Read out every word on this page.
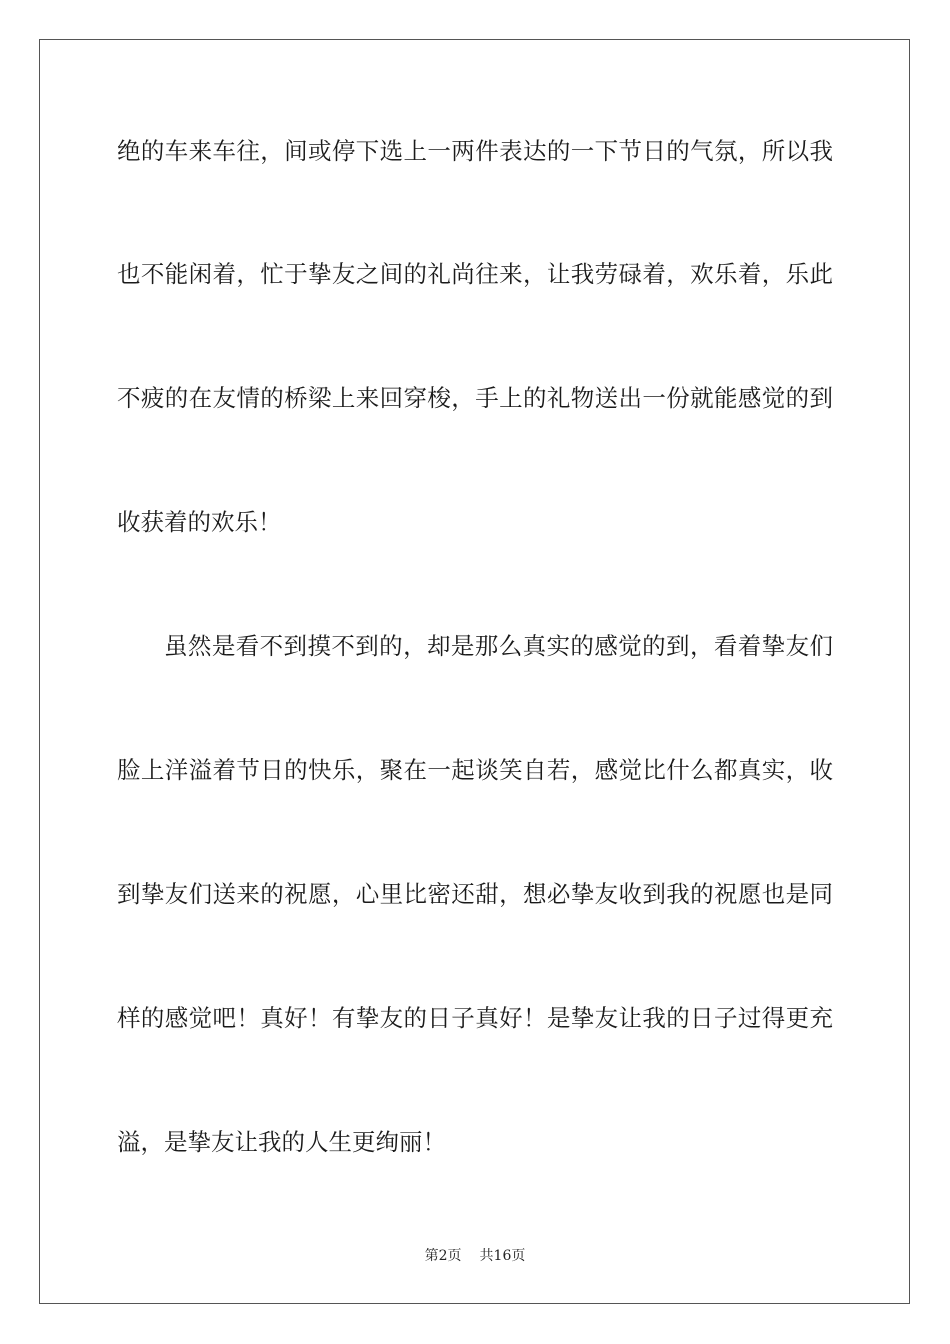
绝的车来车往，间或停下选上一两件表达的一下节日的气氛，所以我
也不能闲着，忙于挚友之间的礼尚往来，让我劳碌着，欢乐着，乐此
不疲的在友情的桥梁上来回穿梭，手上的礼物送出一份就能感觉的到
收获着的欢乐！
虽然是看不到摸不到的，却是那么真实的感觉的到，看着挚友们
脸上洋溢着节日的快乐，聚在一起谈笑自若，感觉比什么都真实，收
到挚友们送来的祝愿，心里比密还甜，想必挚友收到我的祝愿也是同
样的感觉吧！真好！有挚友的日子真好！是挚友让我的日子过得更充
溢，是挚友让我的人生更绚丽！
第2页 共16页
